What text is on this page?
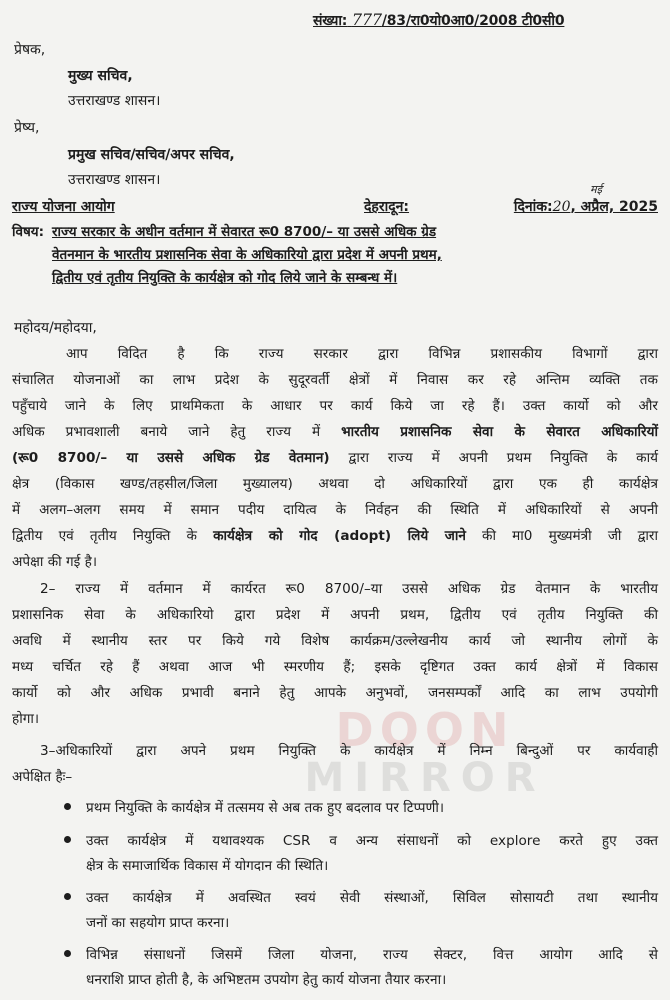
संख्या: 777/83/रा0यो0आ0/2008 टी0सी0
प्रेषक,
मुख्य सचिव,
उत्तराखण्ड शासन।
प्रेष्य,
प्रमुख सचिव/सचिव/अपर सचिव,
उत्तराखण्ड शासन।
मई
राज्य योजना आयोग	देहरादून:	दिनांक:20, अप्रैल, 2025
विषय: राज्य सरकार के अधीन वर्तमान में सेवारत रू0 8700/– या उससे अधिक ग्रेड
वेतनमान के भारतीय प्रशासनिक सेवा के अधिकारियो द्वारा प्रदेश में अपनी प्रथम,
द्वितीय एवं तृतीय नियुक्ति के कार्यक्षेत्र को गोद लिये जाने के सम्बन्ध में।
महोदय/महोदया,
आप विदित है कि राज्य सरकार द्वारा विभिन्न प्रशासकीय विभागों द्वारा
संचालित योजनाओं का लाभ प्रदेश के सुदूरवर्ती क्षेत्रों में निवास कर रहे अन्तिम व्यक्ति तक
पहुँचाये जाने के लिए प्राथमिकता के आधार पर कार्य किये जा रहे हैं। उक्त कार्यो को और
अधिक प्रभावशाली बनाये जाने हेतु राज्य में भारतीय प्रशासनिक सेवा के सेवारत अधिकारियों
(रू0 8700/– या उससे अधिक ग्रेड वेतमान) द्वारा राज्य में अपनी प्रथम नियुक्ति के कार्य
क्षेत्र (विकास खण्ड/तहसील/जिला मुख्यालय) अथवा दो अधिकारियों द्वारा एक ही कार्यक्षेत्र
में अलग–अलग समय में समान पदीय दायित्व के निर्वहन की स्थिति में अधिकारियों से अपनी
द्वितीय एवं तृतीय नियुक्ति के कार्यक्षेत्र को गोद (adopt) लिये जाने की मा0 मुख्यमंत्री जी द्वारा
अपेक्षा की गई है।
2– राज्य में वर्तमान में कार्यरत रू0 8700/–या उससे अधिक ग्रेड वेतमान के भारतीय
प्रशासनिक सेवा के अधिकारियो द्वारा प्रदेश में अपनी प्रथम, द्वितीय एवं तृतीय नियुक्ति की
अवधि में स्थानीय स्तर पर किये गये विशेष कार्यक्रम/उल्लेखनीय कार्य जो स्थानीय लोगों के
मध्य चर्चित रहे हैं अथवा आज भी स्मरणीय हैं; इसके दृष्टिगत उक्त कार्य क्षेत्रों में विकास
कार्यो को और अधिक प्रभावी बनाने हेतु आपके अनुभवों, जनसम्पर्कों आदि का लाभ उपयोगी
होगा।	DOON
MIRROR
3–अधिकारियों द्वारा अपने प्रथम नियुक्ति के कार्यक्षेत्र में निम्न बिन्दुओं पर कार्यवाही
अपेक्षित हैः–
प्रथम नियुक्ति के कार्यक्षेत्र में तत्समय से अब तक हुए बदलाव पर टिप्पणी।
उक्त कार्यक्षेत्र में यथावश्यक CSR व अन्य संसाधनों को explore करते हुए उक्त
क्षेत्र के समाजार्थिक विकास में योगदान की स्थिति।
उक्त कार्यक्षेत्र में अवस्थित स्वयं सेवी संस्थाओं, सिविल सोसायटी तथा स्थानीय
जनों का सहयोग प्राप्त करना।
विभिन्न संसाधनों जिसमें जिला योजना, राज्य सेक्टर, वित्त आयोग आदि से
धनराशि प्राप्त होती है, के अभिष्टतम उपयोग हेतु कार्य योजना तैयार करना।
